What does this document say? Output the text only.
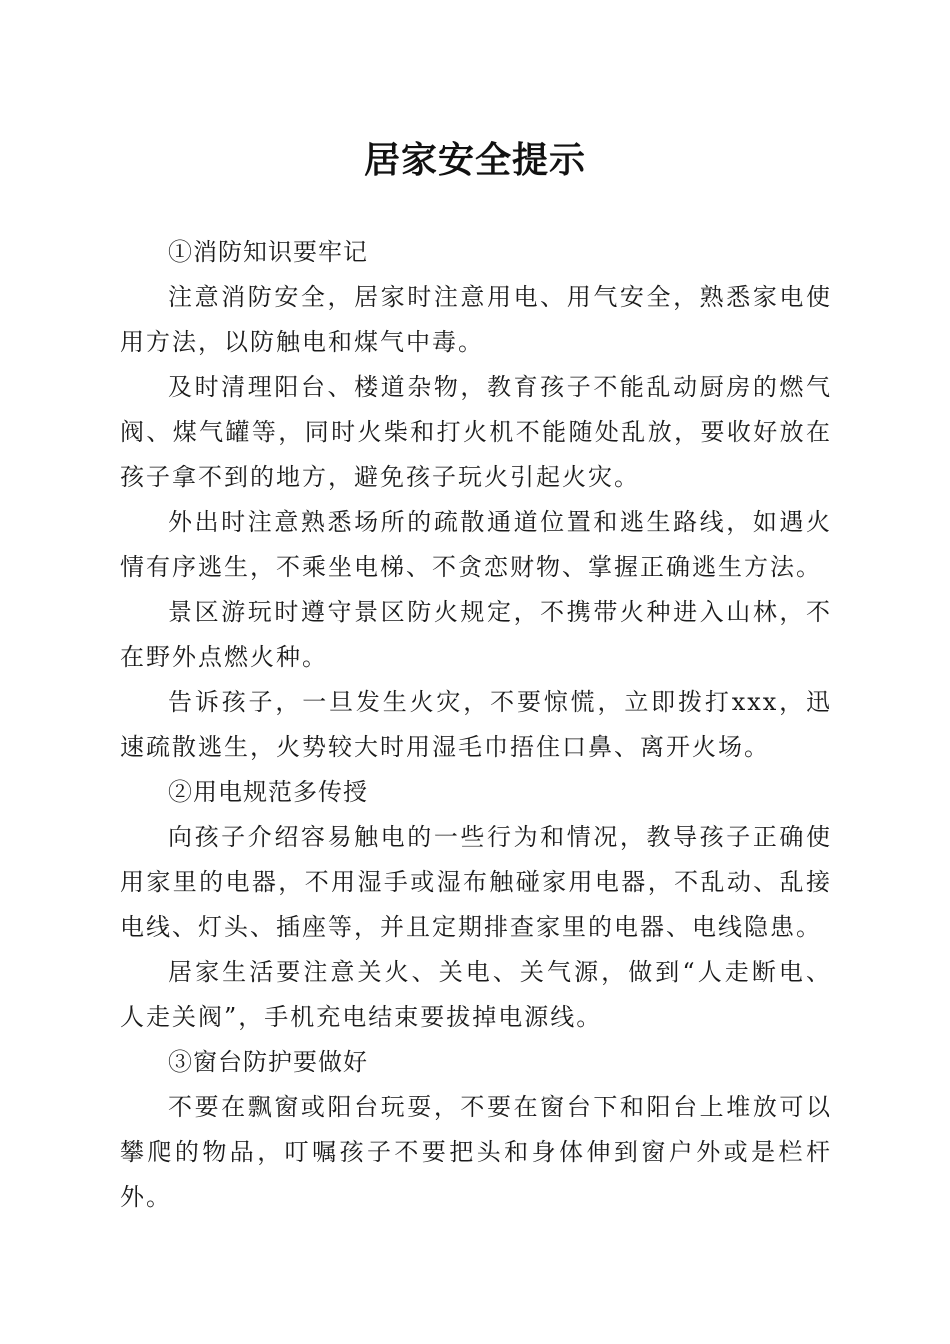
居家安全提示

①消防知识要牢记

注意消防安全，居家时注意用电、用气安全，熟悉家电使用方法，以防触电和煤气中毒。

及时清理阳台、楼道杂物，教育孩子不能乱动厨房的燃气阀、煤气罐等，同时火柴和打火机不能随处乱放，要收好放在孩子拿不到的地方，避免孩子玩火引起火灾。

外出时注意熟悉场所的疏散通道位置和逃生路线，如遇火情有序逃生，不乘坐电梯、不贪恋财物、掌握正确逃生方法。

景区游玩时遵守景区防火规定，不携带火种进入山林，不在野外点燃火种。

告诉孩子，一旦发生火灾，不要惊慌，立即拨打xxx，迅速疏散逃生，火势较大时用湿毛巾捂住口鼻、离开火场。

②用电规范多传授

向孩子介绍容易触电的一些行为和情况，教导孩子正确使用家里的电器，不用湿手或湿布触碰家用电器，不乱动、乱接电线、灯头、插座等，并且定期排查家里的电器、电线隐患。

居家生活要注意关火、关电、关气源，做到“人走断电、人走关阀”，手机充电结束要拔掉电源线。

③窗台防护要做好

不要在飘窗或阳台玩耍，不要在窗台下和阳台上堆放可以攀爬的物品，叮嘱孩子不要把头和身体伸到窗户外或是栏杆外。
